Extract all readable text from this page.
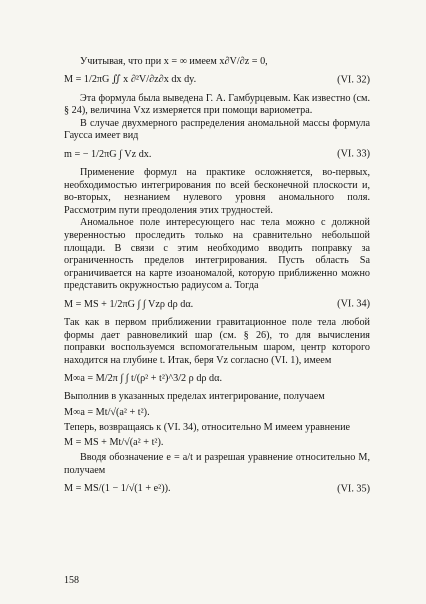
Учитывая, что при x = ∞ имеем x∂V/∂z = 0,

M = 1/2πG ∬ x ∂²V/∂z∂x dx dy.	(VI. 32)

Эта формула была выведена Г. А. Гамбурцевым. Как известно (см. § 24), величина Vxz измеряется при помощи вариометра.

В случае двухмерного распределения аномальной массы формула Гаусса имеет вид

m = − 1/2πG ∫ Vz dx.	(VI. 33)

Применение формул на практике осложняется, во-первых, необходимостью интегрирования по всей бесконечной плоскости и, во-вторых, незнанием нулевого уровня аномального поля. Рассмотрим пути преодоления этих трудностей.

Аномальное поле интересующего нас тела можно с должной уверенностью проследить только на сравнительно небольшой площади. В связи с этим необходимо вводить поправку за ограниченность пределов интегрирования. Пусть область Sa ограничивается на карте изоаномалой, которую приближенно можно представить окружностью радиусом a. Тогда

M = MS + 1/2πG ∫ ∫ Vzρ dρ dα.	(VI. 34)

Так как в первом приближении гравитационное поле тела любой формы дает равновеликий шар (см. § 26), то для вычисления поправки воспользуемся вспомогательным шаром, центр которого находится на глубине t. Итак, беря Vz согласно (VI. 1), имеем

M∞a = M/2π ∫ ∫ t/(ρ² + t²)^3/2 ρ dρ dα.

Выполнив в указанных пределах интегрирование, получаем

M∞a = Mt/√(a² + t²).

Теперь, возвращаясь к (VI. 34), относительно M имеем уравнение

M = MS + Mt/√(a² + t²).

Вводя обозначение e = a/t и разрешая уравнение относительно M, получаем

M = MS/(1 − 1/√(1 + e²)).	(VI. 35)
158
